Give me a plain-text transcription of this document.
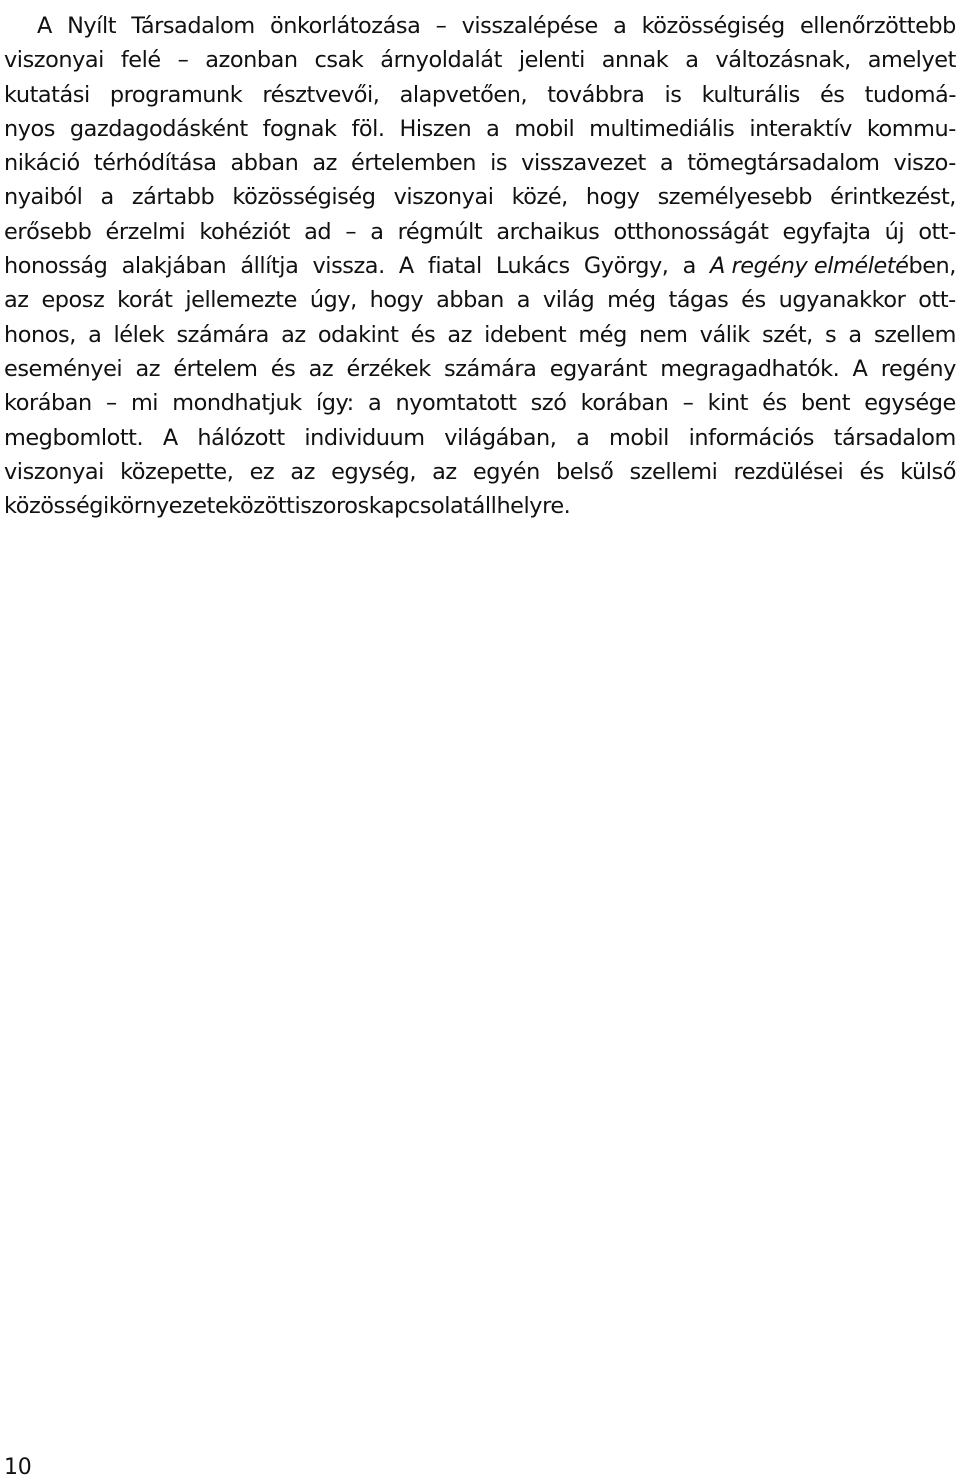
A Nyílt Társadalom önkorlátozása – visszalépése a közösségiség ellenőrzöttebb
viszonyai felé – azonban csak árnyoldalát jelenti annak a változásnak, amelyet
kutatási programunk résztvevői, alapvetően, továbbra is kulturális és tudomá-
nyos gazdagodásként fognak föl. Hiszen a mobil multimediális interaktív kommu-
nikáció térhódítása abban az értelemben is visszavezet a tömegtársadalom viszo-
nyaiból a zártabb közösségiség viszonyai közé, hogy személyesebb érintkezést,
erősebb érzelmi kohéziót ad – a régmúlt archaikus otthonosságát egyfajta új ott-
honosság alakjában állítja vissza. A fiatal Lukács György, a A regény elméletében,
az eposz korát jellemezte úgy, hogy abban a világ még tágas és ugyanakkor ott-
honos, a lélek számára az odakint és az idebent még nem válik szét, s a szellem
eseményei az értelem és az érzékek számára egyaránt megragadhatók. A regény
korában – mi mondhatjuk így: a nyomtatott szó korában – kint és bent egysége
megbomlott. A hálózott individuum világában, a mobil információs társadalom
viszonyai közepette, ez az egység, az egyén belső szellemi rezdülései és külső
közösségi környezete közötti szoros kapcsolat áll helyre.
10
